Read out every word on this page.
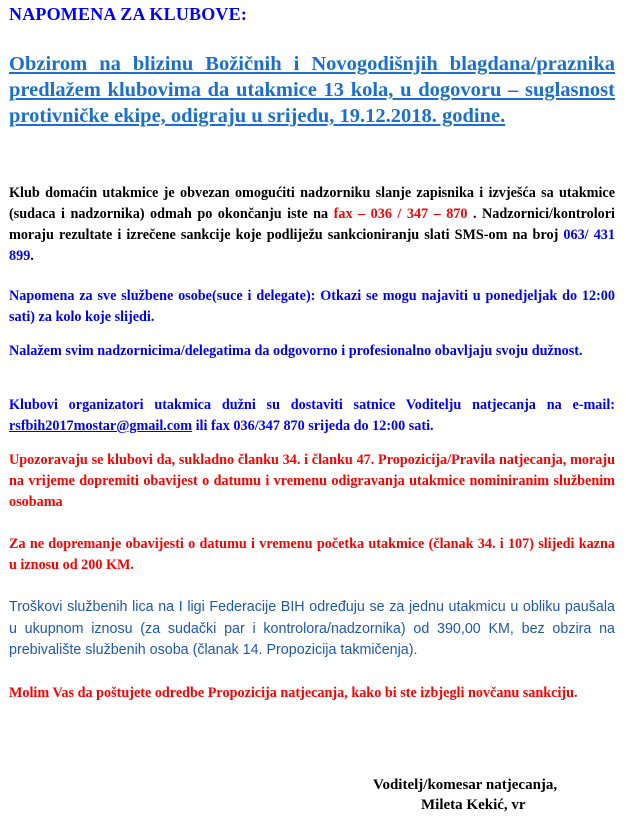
NAPOMENA ZA KLUBOVE:
Obzirom na blizinu Božičnih i Novogodišnjih blagdana/praznika predlažem klubovima da utakmice 13 kola, u dogovoru – suglasnost protivničke ekipe, odigraju u srijedu, 19.12.2018. godine.
Klub domaćin utakmice je obvezan omogućiti nadzorniku slanje zapisnika i izvješća sa utakmice (sudaca i nadzornika) odmah po okončanju iste na fax – 036 / 347 – 870 . Nadzornici/kontrolori moraju rezultate i izrečene sankcije koje podliježu sankcioniranju slati SMS-om na broj 063/ 431 899.
Napomena za sve službene osobe(suce i delegate): Otkazi se mogu najaviti u ponedjeljak do 12:00 sati) za kolo koje slijedi.
Nalažem svim nadzornicima/delegatima da odgovorno i profesionalno obavljaju svoju dužnost.
Klubovi organizatori utakmica dužni su dostaviti satnice Voditelju natjecanja na e-mail: rsfbih2017mostar@gmail.com ili fax 036/347 870 srijeda do 12:00 sati.
Upozoravaju se klubovi da, sukladno članku 34. i članku 47. Propozicija/Pravila natjecanja, moraju na vrijeme dopremiti obavijest o datumu i vremenu odigravanja utakmice nominiranim službenim osobama
Za ne dopremanje obavijesti o datumu i vremenu početka utakmice (članak 34. i 107) slijedi kazna u iznosu od 200 KM.
Troškovi službenih lica na I ligi Federacije BIH određuju se za jednu utakmicu u obliku paušala u ukupnom iznosu (za sudački par i kontrolora/nadzornika) od 390,00 KM, bez obzira na prebivalište službenih osoba (članak 14. Propozicija takmičenja).
Molim Vas da poštujete odredbe Propozicija natjecanja, kako bi ste izbjegli novčanu sankciju.
Voditelj/komesar natjecanja,
Mileta Kekić, vr
